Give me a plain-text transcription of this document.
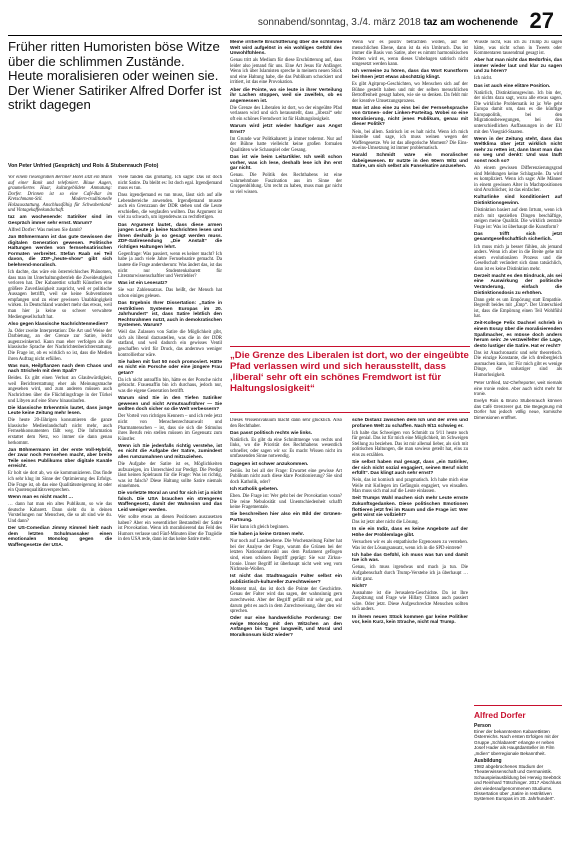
sonnabend/sonntag, 3./4. märz 2018 taz am wochenende 27
Früher ritten Humoristen böse Witze über die schlimmen Zustände. Heute moralisieren oder weinen sie. Der Wiener Satiriker Alfred Dorfer ist strikt dagegen
Von Peter Unfried (Gespräch) und Rois & Stubenrauch (Foto)

Vor einem riesengroßen Berliner Hotel sitzt ein Mann auf einer Bank und telefoniert. Blaue Augen, graumeliertes Haar, kulturgebildete Anmutung: Dorfer. Drinnen ist so eine Café-Bar im Kretschmann-Stil. Modern-traditionelle Holzausstattung. Anschlussfähig für Schwabenland- und Vintagekaffeekundschaft.

taz am wochenende: Satiriker sind im Gespräch immer sehr ernst. Warum?

Alfred Dorfer: Was meinen Sie damit?

Jan Böhmermann ist das gute Gewissen der digitalen Generation gewesen. Politische Haltungen werden von fernsehsatirischen Formaten verbreitet. Stefan Raab sei Teil davon, die ZDF-„heute-show“ gibt sich belehrend-moralisch.

Ich dachte, das wäre ein österreichisches Phänomen, dass man im Unterhaltungsbetrieb die Zweideutigkeit verloren hat. Der Kabarettist schafft Künstlern eine größere Zuverlässigkeit zuspricht, weil er politische Aussagen betrifft, weil sie keine Subventionen empfangen und zu einer gewissen Unabhängigkeit wirken. In Deutschland wandert mehr das etwas, weil man hier ja keine so schwer verwaltete Mediengesellschaft hat.

Also gegen klassische Nachrichtenmedien?

Ja. Oder zweite Interpretation: Die Art und Weise der Darbietung, an der Grenze zur Satire, leicht augenzwinkernd. Kann man eher verfolgen als die klassische Sprache der Nachrichtenberichterstattung. Die Frage ist, ob es wirklich so ist, dass die Medien ihren Auftrag nicht erfüllen.

Was nun, Heilpflanzen nach dem Chaos und nach Stricheln mit dem Spaß?

Beides. Es gibt einen Verlust an Glaubwürdigkeit, weil Berichterstattung eher als Meinungsmache angesehen wird, und zum anderen müssen auch Nachrichten über die Flüchtlingsfrage in der Türkei und Libyen auf eine Show hinauslaufen.

Die klassische Erkenntnis lautet, dass junge Leute keine Zeitung mehr lesen.

Die heute 20-Jährigen konsumieren die ganze klassische Medienlandschaft nicht mehr, auch Fernsehkonsumenten fällt weg. Die Information erstattet dem Netz, wo immer sie dann genau herkommt.

Jan Böhmermann ist der erste Voll-Hybrid, der zwar noch Fernsehen macht, aber breite Teile seines Publikums über digitale Kanäle erreicht.

Er holt sie dort ab, wo sie kommunizieren. Das finde ich sehr klug im Sinne der Optimierung des Erfolgs. Die Frage ist, ob das eine Qualitätssteigerung ist oder ein Quotenqualitätsversprechen.

Wenn man es nicht macht …

… dann hat man ein altes Publikum, so wie das deutsche Kabarett. Dann sieht du in deinen Vorstellungen nur Menschen, die so alt sind wie du. Und dann?

Der US-Comedian Jimmy Kimmel hielt nach dem letzten Schulmassaker einen emotionalen Monolog gegen die Waffengesetze der USA.

Viele fanden das großartig. Ich sagte: Das ist doch nicht Satire. Da bleibt es: Ist doch egal. Irgendjemand muss es tun.

Dass irgendjemand es tun muss, lässt sich auf alle Lebensbereiche anwenden. Irgendjemand musste auch ein Grenzzaun der DDR stehen und die Leute erschießen, die weglaufen wollten. Das Argument ist viel zu schwach, um irgendetwas zu rechtfertigen.

Das Argument lautet, dass diese armen jungen Leute ja keine Nachrichten lesen und ihnen deshalb ja so gesagt werden muss. ZDF-Satiresendung „Die Anstalt“ die richtigen Haltungen lehrt.

Gegenfrage: Was passiert, wenn es keiner macht? Ich habe ja auch viele Jahre Fernsehsatire gemacht. Da lautete die Frage andersherum: Was ändert das, ist das nicht nur Studentenkabarett für Literaturwissenschaftler und Vertriebler?

Was ist ein Lesesatz?

Sie war Zahlensatzus. Das heißt, der Mensch hat schon einiges gelesen.

Das Ergebnis Ihrer Dissertation: „Satire in restriktiven Systemen Europas im 20. Jahrhundert“ ist, dass Satire lebtlich den Rechtsrahmen nutzt, auch in demokratischen Systemen. Warum?

Weil das Zulassen von Satire die Möglichkeit gibt, sich als liberal darzustellen, was die in der DDR statfand, und weil dadurch ein gewisses Ventil geschaffen wird für Druck, das andernwo weniger kontrollierbar wäre.

Sie haben mit fast 50 noch promoviert. Hätte es nicht ein Porsche oder eine jüngere Frau getan?

Da ich nicht autoaffin bin, hätte es der Porsche nicht gebracht. Frauenaffin bin ich durchaus, jedoch nur, was die eigene Generation betrifft.

Warum sind Sie in den Tiefen Satiriker gewesen und nicht Armutsaufrührer — Sie wollten doch sicher so die Welt verbessern?

Der Vorteil von richtigen Kennern – und ich rede jetzt nicht von Menschenrechtsanwalt und Pharmamenschen – ist, dass sie sich die Stimulus ihres Berufs rein stellen müssen im Gegensatz zum Künstler.

Wenn ich Sie jedenfalls richtig verstehe, ist es nicht die Aufgabe der Satire, zumindest alles rumzumahnen und mitzuziehen.

Die Aufgabe der Satire ist es, Möglichkeiten aufzuzeigen, im Unterschied zur Predigt. Die Predigt lässt keinen Spielraum für die Frage: Was ist richtig, was ist falsch? Diese Haltung sollte Satire niemals einnehmen.

Die vorletzte Moral an und für sich ist ja nicht falsch. Die USA brauchen ein strengeres Waffengesetz, damit der Wahnsinn und das Leid weniger werden.

Wer sollte etwas an diesen Positionen auszusetzen haben? Aber ein wesentlicher Bestandteil der Satire ist Provokation. Wenn ich moralisierend das Feld des Humors verlasse und Fünf-Minuten über die Tragödie in den USA rede, dann ist das keine Satire mehr.

Meine irritierte Erschütterung über die schlimme Welt wird aufgelöst in ein wohliges Gefühl des Unwohlfühlens.

Genau tritt als Medium für diese Erschütterung auf, dass leider also jemand für uns. Eine Art Jesus für Anfänger. Wenn ich über Islamisten spreche in meinem neuen Stück und eine Haltung habe, die das Publikum schockiert und irritiert, ist das eine Provokation.

Aber die Pointe, wo sie leute in ihrer Verteilung ihr Lachen stoppen, weil sie zweifeln, ob es angemessen ist.

Die Grenze des Liberalen ist dort, wo der eingeübte Pfad verlassen wird und sich herausstellt, dass „liberal“ sehr oft ein schönes Fremdwort ist für Haltungslosigkeit.

Warum wird jetzt wieder häufiger aus Angst Ernst?

Im Grunde war Politkabarett ja immer todernst. Nur auf der Bühne hatte vielleicht keine großen formalen Qualitäten wie Schauspiel oder Gesang.

Das ist wie beim Leitartikler. Ich weiß schon vorher, was ich lese, deshalb lese ich ihn erst gar nicht.

Genau. Die Politik des Rechthabens ist eine wahrnehmbare Faszination aus im Sinne der Gruppenbildung. Um recht zu haben, muss man gar nicht so viel wissen.

Wenn wir es positiv betrachten wollen, auf der menschlichen Ebene, dann ist da ein Umbruch. Das ist immer die Basis von Satire, aber es nimmt harmonikischen Proben wird es, wenn dieses Unbehagen satirisch nicht umgesetzt werden kann.

Ich vermeine zu hören, dass das Wort Kunstform bei Ihnen jetzt etwas abschätzig klingt.

Es gibt Agitprop-Geschichten, wo Menschen sich auf der Bühne gestellt haben und mit der selben menschlichen Betroffenheit gesagt haben, wie sie so denken. Da fehlt mir der kreative Umsetzungsprozess.

Man ist also eine zu eins bei der Fernsehsprache von Grünen- oder Linken-Parteitag. Wobei so eine Moralisierung, nicht jenes Publikum, genau mit dieser Politik?

Nein, bei allem. Satirisch ist es halt nicht. Wenn ich mich hinstelle und sage, ich muss weinen wegen der Waffengesetze. Wo ist das allegorische Moment? Die Eins-zu-eins-Umsetzung ist immer problematisch.

Harald Schmidt wäre ein moralischer dabeigewesen. Er nutzte in den 90ern Witz und Satire, um sich selbst als Fanselsatire anzusehen.

„Die Grenze des Liberalen ist dort, wo der eingeübte Pfad verlassen wird und sich herausstellt, dass ‚liberal‘ sehr oft ein schönes Fremdwort ist für Haltungslosigkeit“

Dieses Wissensvakuum macht dann sehr glücklich. Also den Rechthaber.

Das passt politisch rechts wie links.

Natürlich. Es gibt da eine Schnittmenge von rechts und links, wo die Priorität des Rechthabens wesentlich schneller, oder sagen wir so: Es macht Wissen nicht im umfassenden Sinne notwendig.

Dagegen ist schwer anzukommen.

Seriös. Ist bei all der Frage: Erwartet eine gewisse Art Publikum nicht auch diese klare Positionierung? Sie sind doch Katholik, oder?

Ich Katholik gebeten.

Eben. Die Frage ist: Wer geht bei der Provokation voran? Die reine Nebulosität und Unentschiedenheit schafft keine Fragementale.

Sie beschreiben hier also ein Bild der Grünen-Partnung.

Hier kann ich gleich beginnen.

Sie haben ja keine Grünen mehr.

Nur noch auf Landesebene. Die Wochenzeitung Falter hat bei der Analyse der Frage, warum die Grünen bei der letzten Nationalratswahl aus dem Parlament geflogen sind, einen schönen Begriff geprägt: Sie war Zirkus-Ironie. Unser Begriff ist überhaupt nicht weit weg vom Nichtsein-Wollen.

Ist nicht das Stadtmagazin Falter selbst ein publizistisch-kultureller Zurechtweiser?

Moment mal, das ist doch die Pointe der Geschichte. Genau der Falter wird das sagen, der wahnsinnig gern zurechtweist. Aber der Begriff gefällt mir sehr gut, und darum geht es auch in dem Zurechtweisung, über den wir sprechen.

Oder nur eine handwerkliche Forderung: Der ewige Monolog mit den Witzchen an den Anfängen bis Tages langweilt, und Moral und Moralkonsum kickt wieder?

sche Distanz zwischen dem Ich und der irren und profanen Welt zu schaffen. Nach 9/11 schwieg er.

Ich halte das Schweigen von Schmidt zu 9/11 heute noch für genial. Das ist für mich eine Möglichkeit, im Schweigen Stellung zu beziehen. Das ist mir allemal lieber, als sich mit politischen Haltungen, die man sowieso geteilt hat, eins zu eins zu erzählen.

Sie selbst haben mal gesagt, dass „ein Satiriker, der sich nicht sozial engagiert, seinen Beruf nicht erfüllt“. Das klingt auch sehr ernst?

Nein, das ist komisch und pragmatisch. Ich habe mich eine Weile mit Kollegen im Gefängnis engagiert, wo einsaßen. Man muss sich mal auf die Leute einlassen.

Seit Trumps Wahl machen sich mehr Leute ernste Zukunftsgedanken. Diese politischen Emotionen flottieren jetzt frei im Raum und die Frage ist: Wer geht wirst sie vollzieht?

Das ist jetzt aber nicht die Lösung.

In sie ein Indiz, dass es keine Angebote auf der Höhe der Problemlage gibt.

Versuchen wir es als empathische Ergenossen zu verstehen. Was ist der Lösungsansatz, wenn ich in die SPD eintrete?

Ich habe das Gefühl, ich muss was tun und damit tue ich was.

Genau, ich muss irgendwas und mach ja tun. Die Aufgabenschaft durch Trump-Verstehe ich ja überhaupt … nicht ganz.

Nicht?

Ausnahme ist die Jerusalem-Geschichte. Da ist Ihre Zuspitzung und Frage wie Hillary Clinton auch passiert wäre. Oder jetzt. Diese Aufgeschreckte Menschen sollten sich anders.

In ihrem neuen Stück kommen gar keine Politiker vor, kein Kurz, kein Strache, nicht mal Trump.

Wüsste nicht, was ich zu Trump zu sagen hätte, was nicht schon in Tweets oder Kommentaren tausendmal gesagt ist.

Aber hat man nicht das Bedürfnis, das immer wieder laut und klar zu sagen und zu hören?

Ich nicht.

Das ist auch eine elitäre Position.

Natürlich, Distinktionsgewinn. Ich bin der, der nichts dazu sagt, wozu alle etwas sagen. Die wirkliche Problematik ist ja: Wie geht Europa damit um, dass es die künftige Europapolitik, bei den Migrationsbewegungen, bei den unterschiedlichen Auffassungen in der EU mit den Visegrád-Staaten.

Wenn in der Zeitung steht, dass das Weltklima über jetzt wirklich nicht mehr zu retten ist, dann lässt man das so weg und denkt: Und was läuft sonst noch so?

Ab einem gewissen Differenzierungsgrad sind Meldungen keine Schlagzeile. Da wird es kompliziert. Wenn ich sage: Alle Männer in einem gewissen Alter in Machtpositionen sind Arschlöcher, ist das einfacher.

Kulturlinke sind konditioniert auf Distinktionsgewinn.

Distinktion basiert auf dem Irrtum, wenn ich mich mit speziellen Dingen beschäftige, steigen meine Qualität. Die wirklich zentrale Frage ist: Was ist überhaupt die Kunstform?

Das trifft sich jetzt gesamtgesellschaftlich sicherlich.

Ich muss mich ja besser fühlen, als jemand anders. Wenn ich aber in die Breite gehe mit einem evolutionären Prozess und die Gesellschaft verändert sich dann tatsächlich, dann ist es keine Distinktion mehr.

Derzeit macht es den Eindruck, als sei eine Auswirkung der politische Veränderung, einfach die Distinktionsdosis zu erhöhen.

Dann geht es um Empörung statt Empathie. Begreift beides mit „Emp“. Der Unterschied ist, dass die Empörung einen Teil Wohlfühl hat.

Zeit-Kollege Felix Dachsel schrieb in einem Essay über die moralisierenden Spaßmacher, es müsse doch anders herum sein: Je verzweifelter die Lage, desto lustiger die Satire. Hat er recht?

Das ist Anachronastic und sehr theoretisch. Die einzige Konstante, die ich dreibergleich ausmachen kann, ist: Für mich gibt es wenige Dinge, die unlustiger sind als Humorlosigkeit.

Peter Unfried, taz-Chefreporter, weit niemals eine Ironie reden. Aber auch nicht mehr für Ironie.

Evelyn Rois & Bruno Stubenrauch können das Café Grenzerer gut. Die Begegnung mit Dorfer hat jedoch völlig neue, komische Dimensionen eröffnet.

Alfred Dorfer
Person
Einer der bekanntesten Kabarettisten Österreichs. Nach ersten Erfolgen mit der Gruppe „Schlabarett“ erlangte er neben Josef Hader als Hauptdarsteller im Film „Indien“ überregionale Bekanntheit.
Ausbildung
1982 abgebrochenes Studium der Theaterwissenschaft und Germanistik. Schauspielausbildung bei Herwig Seeböck und Reinhard Tötschinger. 2017 Abschluss des wiederaufgenommenen Studiums. Dissertation über „Satire in restriktiven Systemen Europas im 20. Jahrhundert“.
